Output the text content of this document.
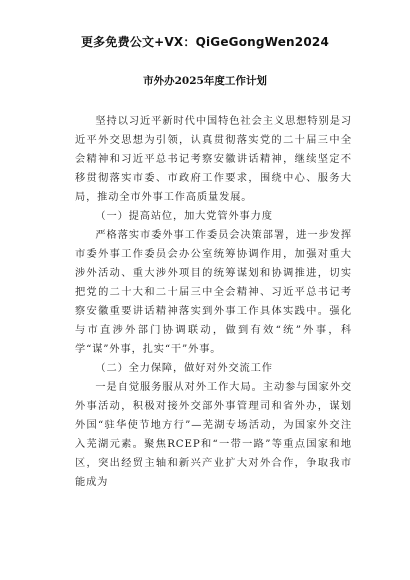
更多免费公文+VX：QiGeGongWen2024
市外办2025年度工作计划

坚持以习近平新时代中国特色社会主义思想特别是习近平外交思想为引领，认真贯彻落实党的二十届三中全会精神和习近平总书记考察安徽讲话精神，继续坚定不移贯彻落实市委、市政府工作要求，围绕中心、服务大局，推动全市外事工作高质量发展。

（一）提高站位，加大党管外事力度

严格落实市委外事工作委员会决策部署，进一步发挥市委外事工作委员会办公室统筹协调作用，加强对重大涉外活动、重大涉外项目的统筹谋划和协调推进，切实把党的二十大和二十届三中全会精神、习近平总书记考察安徽重要讲话精神落实到外事工作具体实践中。强化与市直涉外部门协调联动，做到有效“统”外事，科学“谋”外事，扎实“干”外事。

（二）全力保障，做好对外交流工作

一是自觉服务服从对外工作大局。主动参与国家外交外事活动，积极对接外交部外事管理司和省外办，谋划外国“驻华使节地方行”—芜湖专场活动，为国家外交注入芜湖元素。聚焦RCEP和“一带一路”等重点国家和地区，突出经贸主轴和新兴产业扩大对外合作，争取我市能成为
